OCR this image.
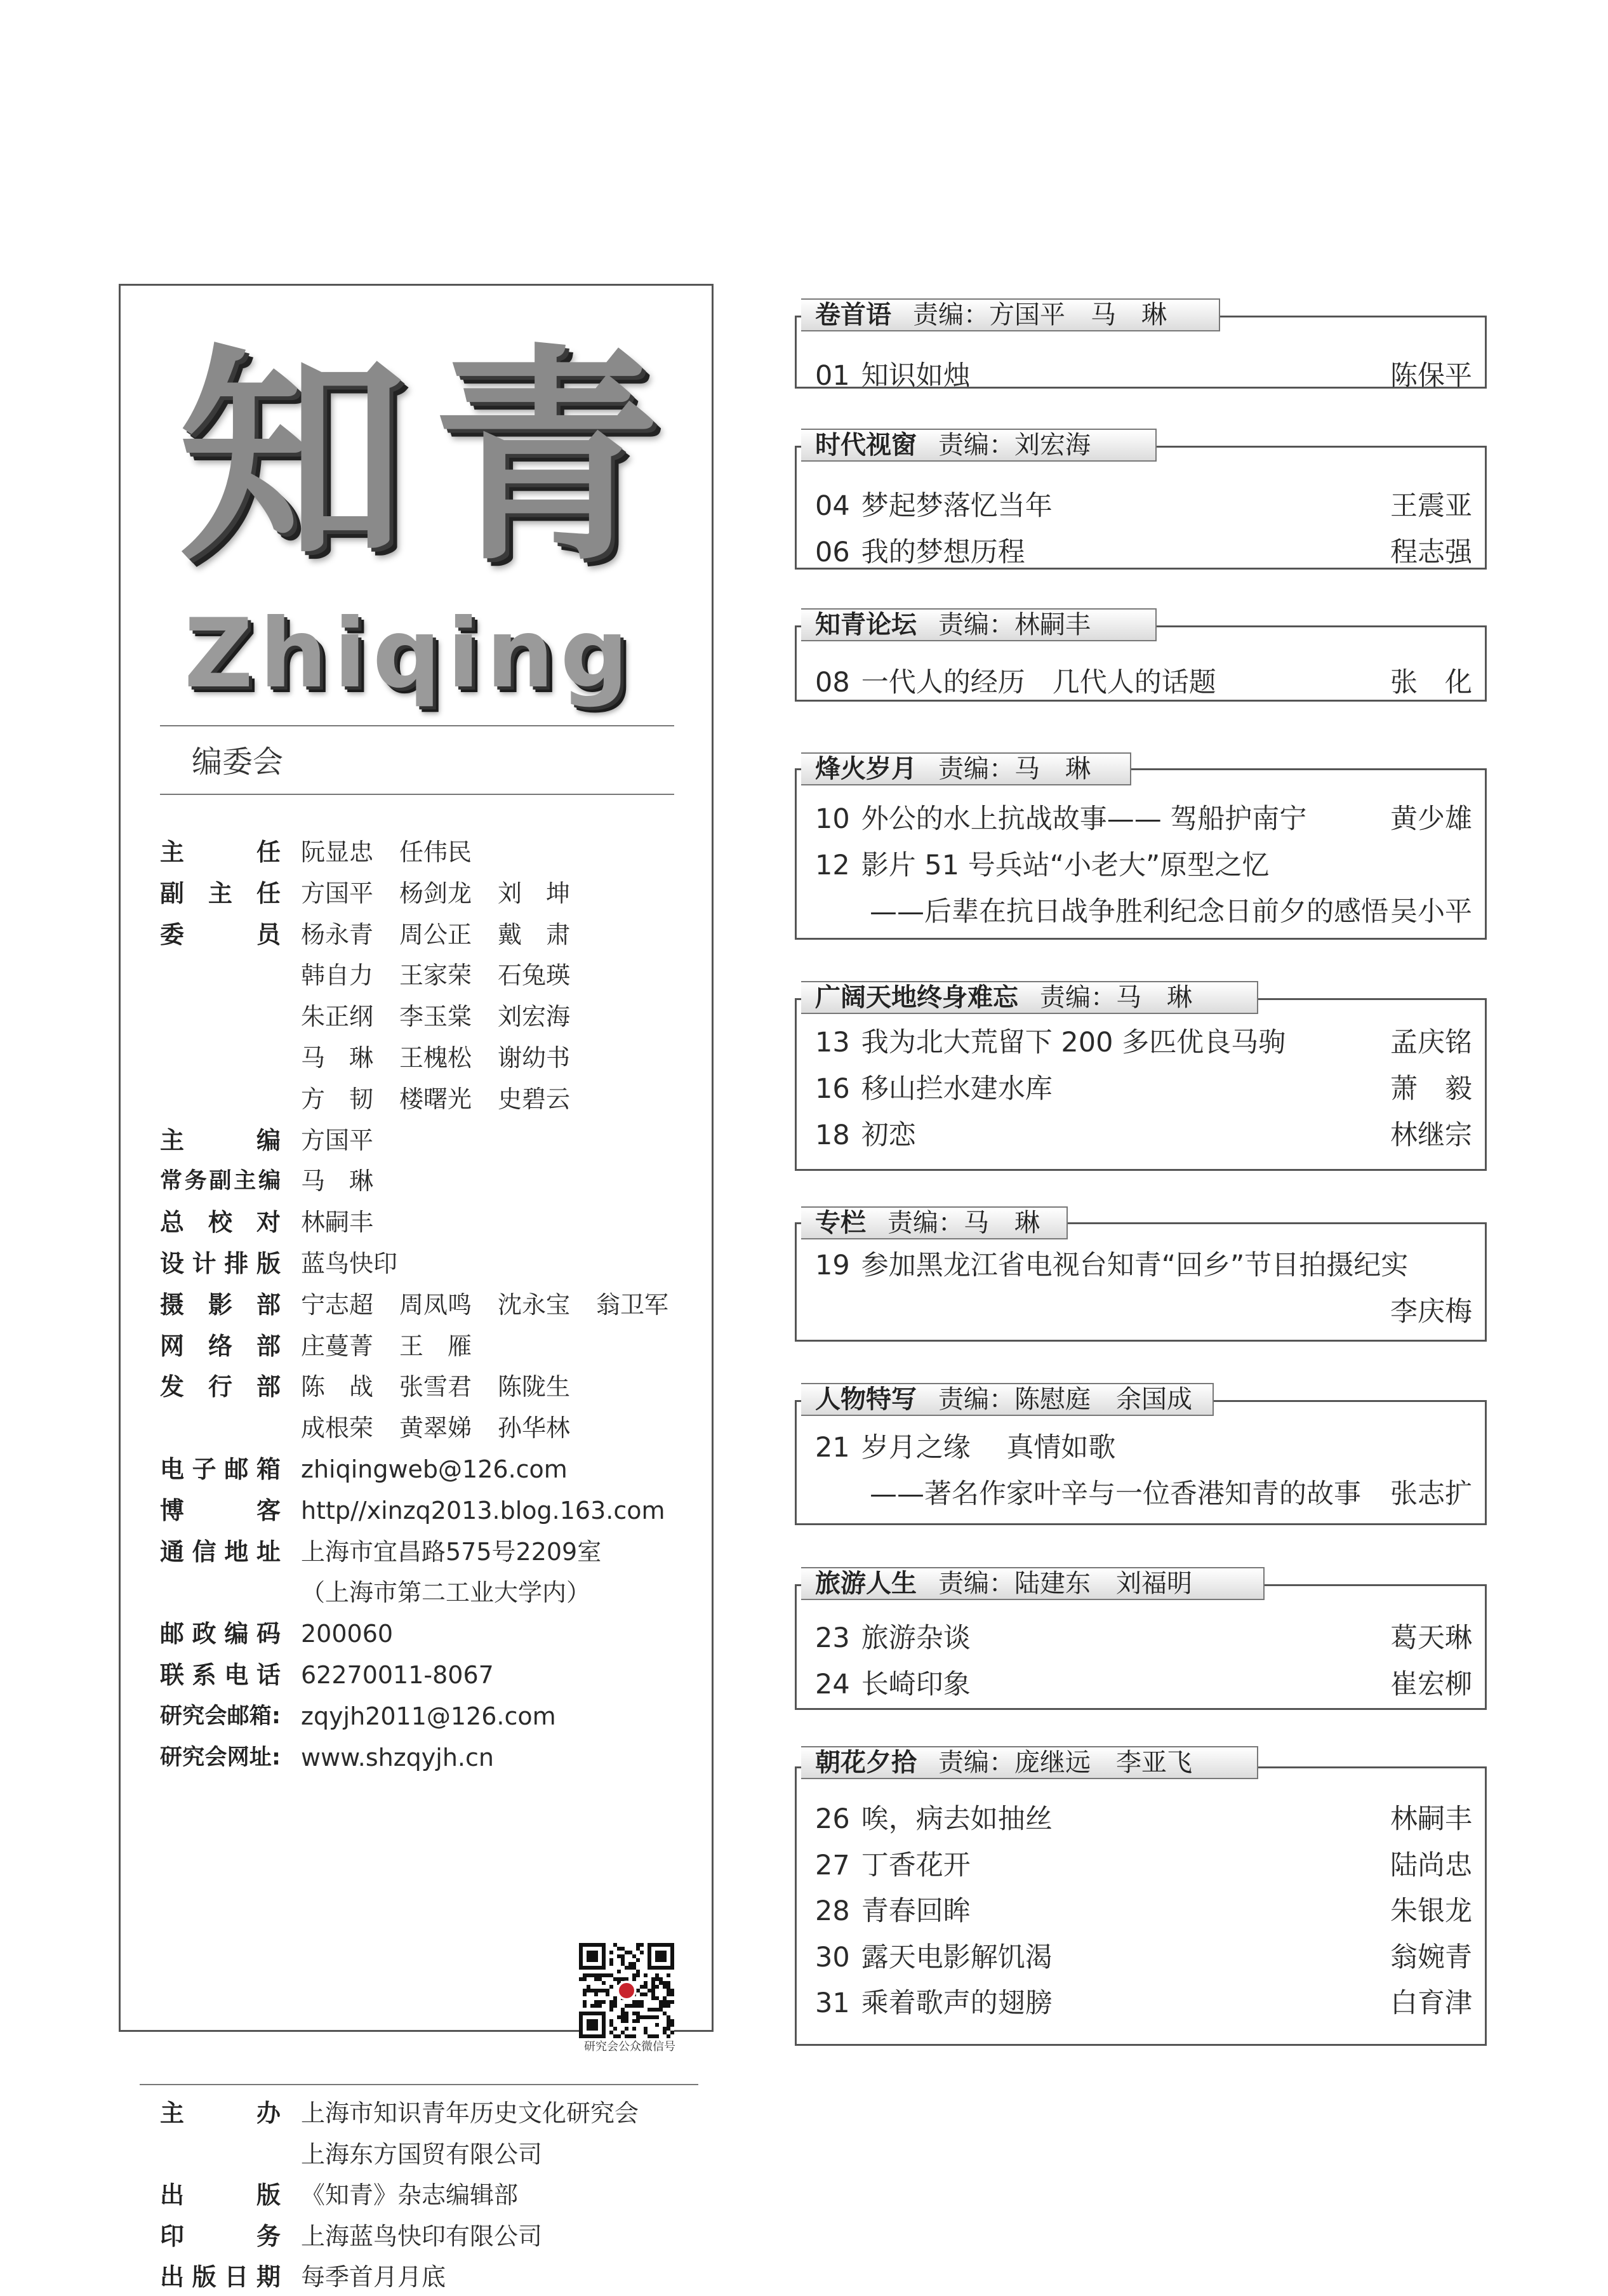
知青
Zhiqing
编委会
主任 阮显忠 任伟民
副主任 方国平 杨剑龙 刘　坤
委员 杨永青 周公正 戴　肃
韩自力 王家荣 石兔瑛
朱正纲 李玉棠 刘宏海
马　琳 王槐松 谢幼书
方　韧 楼曙光 史碧云
主编 方国平
常务副主编 马　琳
总校对 林嗣丰
设计排版 蓝鸟快印
摄影部 宁志超 周凤鸣 沈永宝 翁卫军
网络部 庄蔓菁 王　雁
发行部 陈　战 张雪君 陈陇生
成根荣 黄翠娣 孙华林
电子邮箱 zhiqingweb@126.com
博客 http//xinzq2013.blog.163.com
通信地址 上海市宜昌路575号2209室
（上海市第二工业大学内）
邮政编码 200060
联系电话 62270011-8067
研究会邮箱: zqyjh2011@126.com
研究会网址: www.shzqyjh.cn
研究会公众微信号
主办 上海市知识青年历史文化研究会
上海东方国贸有限公司
出版 《知青》杂志编辑部
印务 上海蓝鸟快印有限公司
出版日期 每季首月月底
卷首语 责编：方国平　马　琳
01 知识如烛	陈保平
时代视窗 责编：刘宏海
04 梦起梦落忆当年	王震亚
06 我的梦想历程	程志强
知青论坛 责编：林嗣丰
08 一代人的经历　几代人的话题	张　化
烽火岁月 责编：马　琳
10 外公的水上抗战故事—— 驾船护南宁	黄少雄
12 影片 51 号兵站“小老大”原型之忆
　　——后辈在抗日战争胜利纪念日前夕的感悟 吴小平
广阔天地终身难忘 责编：马　琳
13 我为北大荒留下 200 多匹优良马驹	孟庆铭
16 移山拦水建水库	萧　毅
18 初恋	林继宗
专栏 责编：马　琳
19 参加黑龙江省电视台知青“回乡”节目拍摄纪实
李庆梅
人物特写 责编：陈慰庭　余国成
21 岁月之缘　 真情如歌
　　——著名作家叶辛与一位香港知青的故事 张志扩
旅游人生 责编：陆建东　刘福明
23 旅游杂谈	葛天琳
24 长崎印象	崔宏柳
朝花夕拾 责编：庞继远　李亚飞
26 唉，病去如抽丝	林嗣丰
27 丁香花开	陆尚忠
28 青春回眸	朱银龙
30 露天电影解饥渴	翁婉青
31 乘着歌声的翅膀	白育津
